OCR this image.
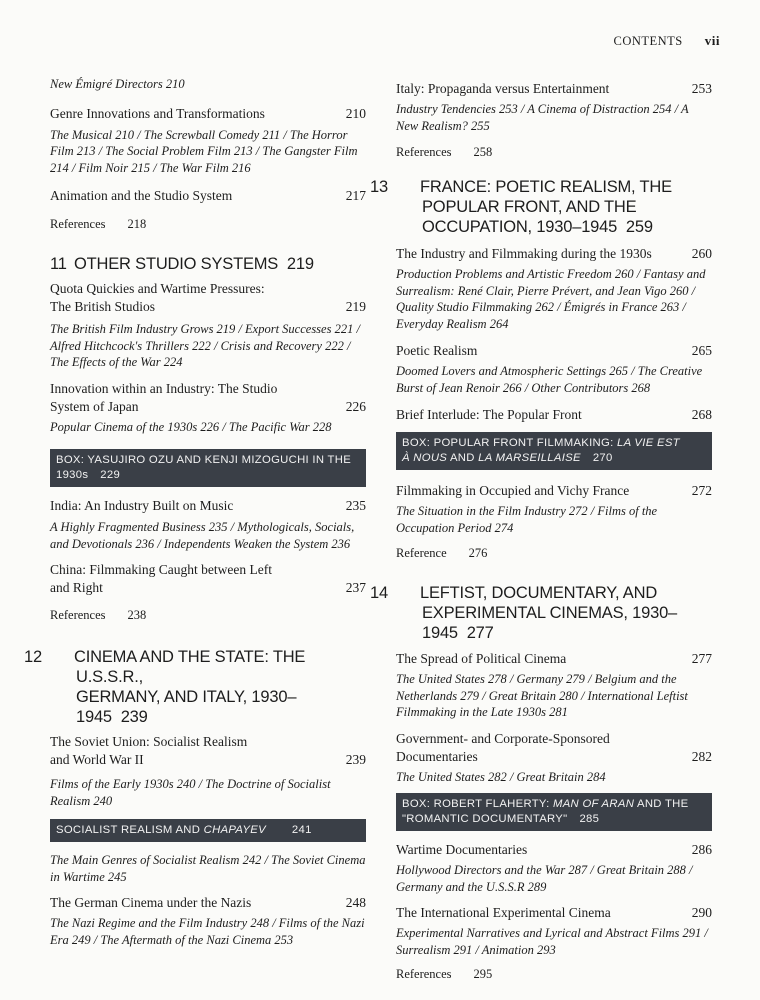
CONTENTS vii
New Émigré Directors 210
Genre Innovations and Transformations	210
The Musical 210 / The Screwball Comedy 211 / The Horror Film 213 / The Social Problem Film 213 / The Gangster Film 214 / Film Noir 215 / The War Film 216
Animation and the Studio System	217
References 218
11 OTHER STUDIO SYSTEMS 219
Quota Quickies and Wartime Pressures:
The British Studios	219
The British Film Industry Grows 219 / Export Successes 221 / Alfred Hitchcock's Thrillers 222 / Crisis and Recovery 222 / The Effects of the War 224
Innovation within an Industry: The Studio
System of Japan	226
Popular Cinema of the 1930s 226 / The Pacific War 228
BOX: YASUJIRO OZU AND KENJI MIZOGUCHI IN THE 1930s 229
India: An Industry Built on Music	235
A Highly Fragmented Business 235 / Mythologicals, Socials, and Devotionals 236 / Independents Weaken the System 236
China: Filmmaking Caught between Left
and Right	237
References 238
12 CINEMA AND THE STATE: THE U.S.S.R.,
GERMANY, AND ITALY, 1930–1945 239
The Soviet Union: Socialist Realism
and World War II	239
Films of the Early 1930s 240 / The Doctrine of Socialist Realism 240
SOCIALIST REALISM AND CHAPAYEV 241
The Main Genres of Socialist Realism 242 / The Soviet Cinema in Wartime 245
The German Cinema under the Nazis	248
The Nazi Regime and the Film Industry 248 / Films of the Nazi Era 249 / The Aftermath of the Nazi Cinema 253
Italy: Propaganda versus Entertainment	253
Industry Tendencies 253 / A Cinema of Distraction 254 / A New Realism? 255
References 258
13 FRANCE: POETIC REALISM, THE
POPULAR FRONT, AND THE
OCCUPATION, 1930–1945 259
The Industry and Filmmaking during the 1930s	260
Production Problems and Artistic Freedom 260 / Fantasy and Surrealism: René Clair, Pierre Prévert, and Jean Vigo 260 / Quality Studio Filmmaking 262 / Émigrés in France 263 / Everyday Realism 264
Poetic Realism	265
Doomed Lovers and Atmospheric Settings 265 / The Creative Burst of Jean Renoir 266 / Other Contributors 268
Brief Interlude: The Popular Front	268
BOX: POPULAR FRONT FILMMAKING: LA VIE EST
À NOUS AND LA MARSEILLAISE 270
Filmmaking in Occupied and Vichy France	272
The Situation in the Film Industry 272 / Films of the Occupation Period 274
Reference 276
14 LEFTIST, DOCUMENTARY, AND
EXPERIMENTAL CINEMAS, 1930–1945 277
The Spread of Political Cinema	277
The United States 278 / Germany 279 / Belgium and the Netherlands 279 / Great Britain 280 / International Leftist Filmmaking in the Late 1930s 281
Government- and Corporate-Sponsored
Documentaries	282
The United States 282 / Great Britain 284
BOX: ROBERT FLAHERTY: MAN OF ARAN AND THE "ROMANTIC DOCUMENTARY" 285
Wartime Documentaries	286
Hollywood Directors and the War 287 / Great Britain 288 / Germany and the U.S.S.R 289
The International Experimental Cinema	290
Experimental Narratives and Lyrical and Abstract Films 291 / Surrealism 291 / Animation 293
References 295
